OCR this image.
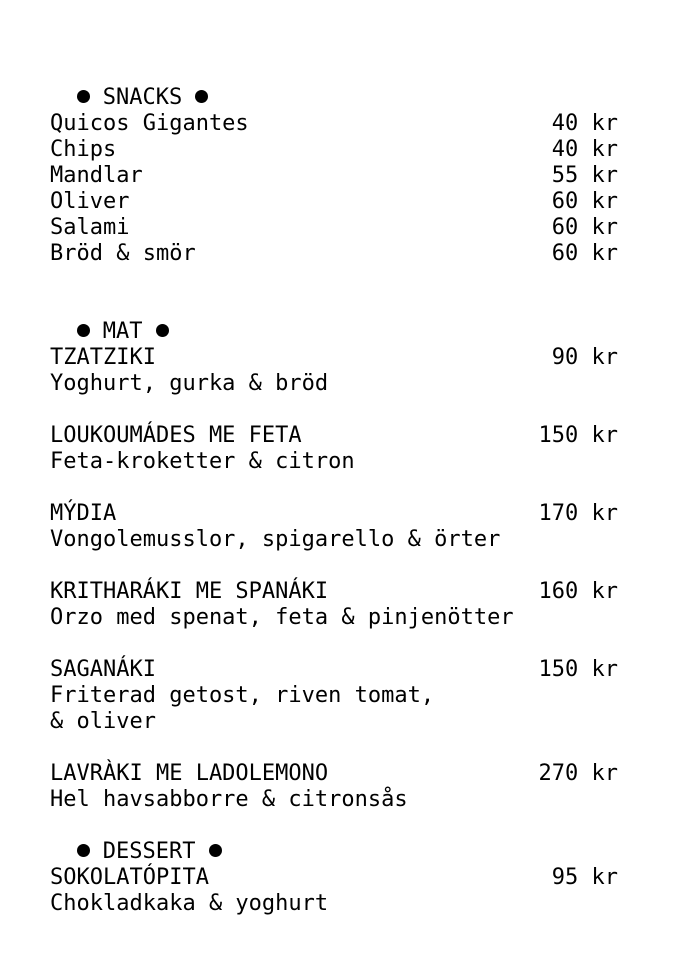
SNACKS

Quicos Gigantes	40 kr
Chips	40 kr
Mandlar	55 kr
Oliver	60 kr
Salami	60 kr
Bröd & smör	60 kr

MAT

TZATZIKI	90 kr
Yoghurt, gurka & bröd
LOUKOUMÁDES ME FETA	150 kr
Feta-kroketter & citron
MÝDIA	170 kr
Vongolemusslor, spigarello & örter
KRITHARÁKI ME SPANÁKI	160 kr
Orzo med spenat, feta & pinjenötter
SAGANÁKI	150 kr
Friterad getost, riven tomat,
& oliver
LAVRÀKI ME LADOLEMONO	270 kr
Hel havsabborre & citronsås

DESSERT

SOKOLATÓPITA	95 kr
Chokladkaka & yoghurt
